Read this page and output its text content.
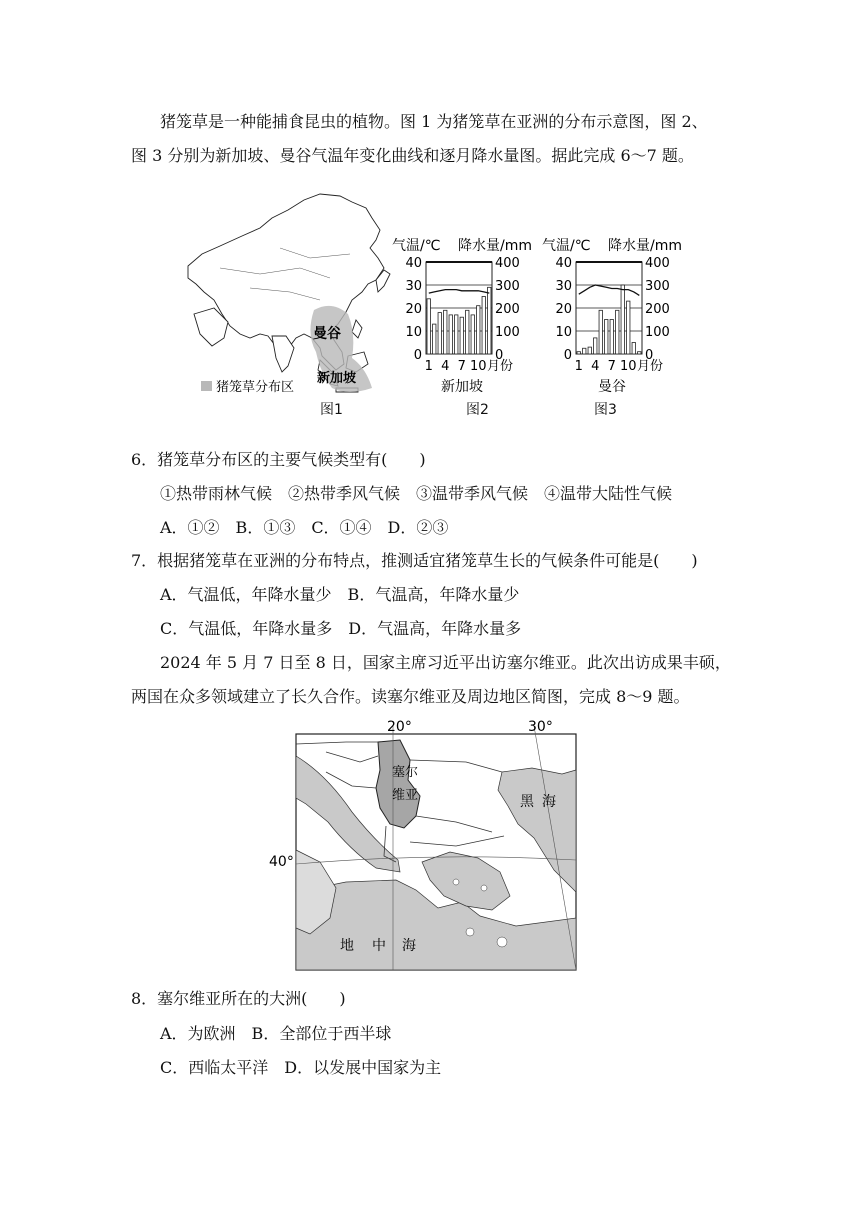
猪笼草是一种能捕食昆虫的植物。图 1 为猪笼草在亚洲的分布示意图，图 2、
图 3 分别为新加坡、曼谷气温年变化曲线和逐月降水量图。据此完成 6～7 题。
曼谷
新加坡
猪笼草分布区
图1
气温/℃ 降水量/mm
40
30
20
10
0
400
300
200
100
0
1 4 7 10 月份
新加坡
图2
气温/℃ 降水量/mm
40
30
20
10
0
400
300
200
100
0
1 4 7 10 月份
曼谷
图3
6．猪笼草分布区的主要气候类型有(　　)
①热带雨林气候　②热带季风气候　③温带季风气候　④温带大陆性气候
A．①②　B．①③　C．①④　D．②③
7．根据猪笼草在亚洲的分布特点，推测适宜猪笼草生长的气候条件可能是(　　)
A．气温低，年降水量少　B．气温高，年降水量少
C．气温低，年降水量多　D．气温高，年降水量多
2024 年 5 月 7 日至 8 日，国家主席习近平出访塞尔维亚。此次出访成果丰硕，
两国在众多领域建立了长久合作。读塞尔维亚及周边地区简图，完成 8～9 题。
20°	30°
40°
塞尔
维亚	黑 海
地 中 海
8．塞尔维亚所在的大洲(　　)
A．为欧洲　B．全部位于西半球
C．西临太平洋　D．以发展中国家为主
